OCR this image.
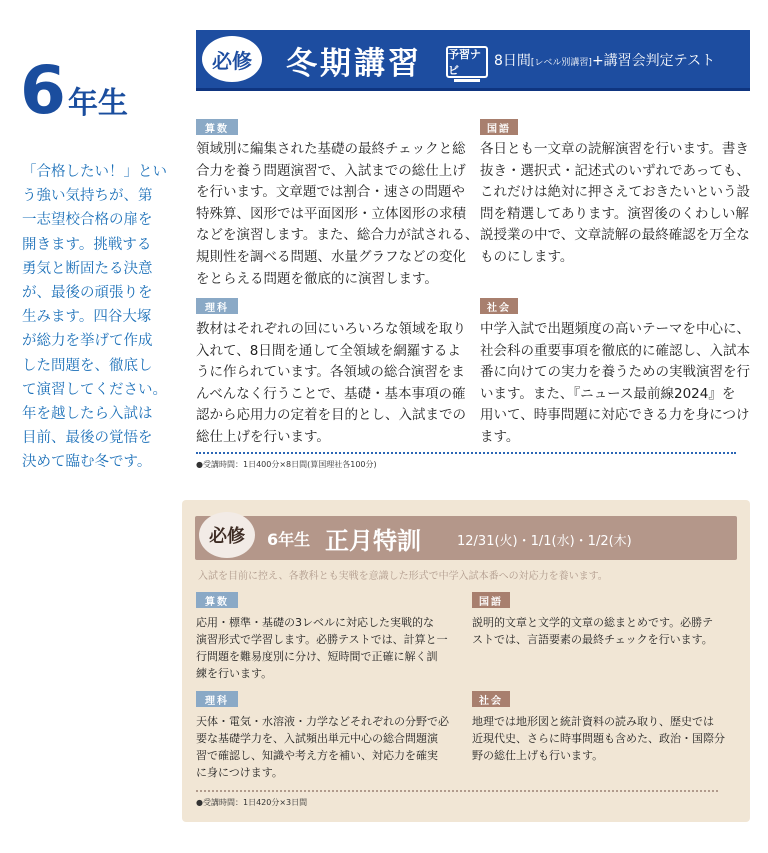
6年生
「合格したい！」とい
う強い気持ちが、第
一志望校合格の扉を
開きます。挑戦する
勇気と断固たる決意
が、最後の頑張りを
生みます。四谷大塚
が総力を挙げて作成
した問題を、徹底し
て演習してください。
年を越したら入試は
目前、最後の覚悟を
決めて臨む冬です。
必修	冬期講習 予習ナビ
8日間[レベル別講習]+講習会判定テスト
算数
領域別に編集された基礎の最終チェックと総
合力を養う問題演習で、入試までの総仕上げ
を行います。文章題では割合・速さの問題や
特殊算、図形では平面図形・立体図形の求積
などを演習します。また、総合力が試される、
規則性を調べる問題、水量グラフなどの変化
をとらえる問題を徹底的に演習します。
国語
各日とも一文章の読解演習を行います。書き
抜き・選択式・記述式のいずれであっても、
これだけは絶対に押さえておきたいという設
問を精選してあります。演習後のくわしい解
説授業の中で、文章読解の最終確認を万全な
ものにします。
理科
教材はそれぞれの回にいろいろな領域を取り
入れて、8日間を通して全領域を網羅するよ
うに作られています。各領域の総合演習をま
んべんなく行うことで、基礎・基本事項の確
認から応用力の定着を目的とし、入試までの
総仕上げを行います。
社会
中学入試で出題頻度の高いテーマを中心に、
社会科の重要事項を徹底的に確認し、入試本
番に向けての実力を養うための実戦演習を行
います。また、『ニュース最前線2024』を
用いて、時事問題に対応できる力を身につけ
ます。
●受講時間：1日400分×8日間(算国理社各100分)
必修	6年生 正月特訓	12/31(火)・1/1(水)・1/2(木)
入試を目前に控え、各教科とも実戦を意識した形式で中学入試本番への対応力を養います。
算数
応用・標準・基礎の3レベルに対応した実戦的な
演習形式で学習します。必勝テストでは、計算と一
行問題を難易度別に分け、短時間で正確に解く訓
練を行います。
国語
説明的文章と文学的文章の総まとめです。必勝テ
ストでは、言語要素の最終チェックを行います。
理科
天体・電気・水溶液・力学などそれぞれの分野で必
要な基礎学力を、入試頻出単元中心の総合問題演
習で確認し、知識や考え方を補い、対応力を確実
に身につけます。
社会
地理では地形図と統計資料の読み取り、歴史では
近現代史、さらに時事問題も含めた、政治・国際分
野の総仕上げも行います。
●受講時間：1日420分×3日間
